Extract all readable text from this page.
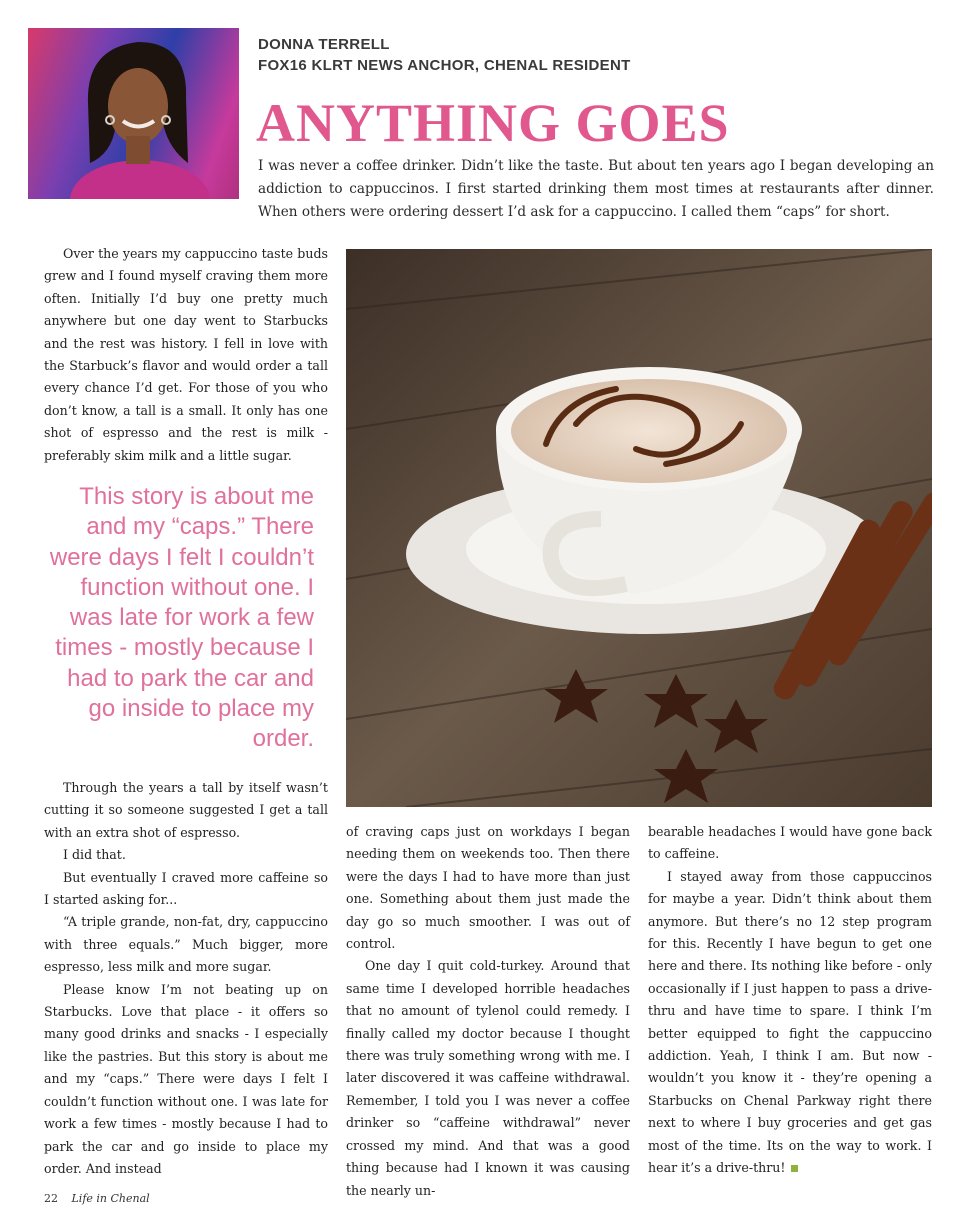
DONNA TERRELL
FOX16 KLRT NEWS ANCHOR, CHENAL RESIDENT
ANYTHING GOES

I was never a coffee drinker. Didn’t like the taste. But about ten years ago I began developing an addiction to cappuccinos. I first started drinking them most times at restaurants after dinner. When others were ordering dessert I’d ask for a cappuccino. I called them “caps” for short.

Over the years my cappuccino taste buds grew and I found myself craving them more often. Initially I’d buy one pretty much anywhere but one day went to Starbucks and the rest was history. I fell in love with the Starbuck’s flavor and would order a tall every chance I’d get. For those of you who don’t know, a tall is a small. It only has one shot of espresso and the rest is milk - preferably skim milk and a little sugar.

This story is about me and my “caps.” There were days I felt I couldn’t function without one. I was late for work a few times - mostly because I had to park the car and go inside to place my order.

Through the years a tall by itself wasn’t cutting it so someone suggested I get a tall with an extra shot of espresso.

I did that.

But eventually I craved more caffeine so I started asking for...

“A triple grande, non-fat, dry, cappuccino with three equals.” Much bigger, more espresso, less milk and more sugar.

Please know I’m not beating up on Starbucks. Love that place - it offers so many good drinks and snacks - I especially like the pastries. But this story is about me and my “caps.” There were days I felt I couldn’t function without one. I was late for work a few times - mostly because I had to park the car and go inside to place my order. And instead

of craving caps just on workdays I began needing them on weekends too. Then there were the days I had to have more than just one. Something about them just made the day go so much smoother. I was out of control.

One day I quit cold-turkey. Around that same time I developed horrible headaches that no amount of tylenol could remedy. I finally called my doctor because I thought there was truly something wrong with me. I later discovered it was caffeine withdrawal. Remember, I told you I was never a coffee drinker so “caffeine withdrawal” never crossed my mind. And that was a good thing because had I known it was causing the nearly un-

bearable headaches I would have gone back to caffeine.

I stayed away from those cappuccinos for maybe a year. Didn’t think about them anymore. But there’s no 12 step program for this. Recently I have begun to get one here and there. Its nothing like before - only occasionally if I just happen to pass a drive-thru and have time to spare. I think I’m better equipped to fight the cappuccino addiction. Yeah, I think I am. But now - wouldn’t you know it - they’re opening a Starbucks on Chenal Parkway right there next to where I buy groceries and get gas most of the time. Its on the way to work. I hear it’s a drive-thru!

22 Life in Chenal
